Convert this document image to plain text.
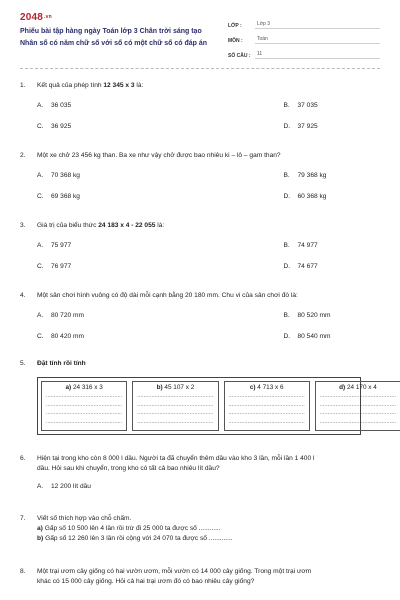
$2048^{.vn}$
Phiếu bài tập hàng ngày Toán lớp 3 Chân trời sáng tạo
Nhân số có năm chữ số với số có một chữ số có đáp án
LỚP :	Lớp 3
MÔN :	Toán
SỐ CÂU :	11
1.	Kết quả của phép tính 12 345 x 3 là:
A.	36 035	B.	37 035
C.	36 925	D.	37 925
2.	Một xe chở 23 456 kg than. Ba xe như vậy chở được bao nhiêu ki – lô – gam than?
A.	70 368 kg	B.	79 368 kg
C.	69 368 kg	D.	60 368 kg
3.	Giá trị của biểu thức 24 183 x 4 - 22 055 là:
A.	75 977	B.	74 977
C.	76 977	D.	74 677
4.	Một sân chơi hình vuông có độ dài mỗi cạnh bằng 20 180 mm. Chu vi của sân chơi đó là:
A.	80 720 mm	B.	80 520 mm
C.	80 420 mm	D.	80 540 mm
5.	Đặt tính rồi tính
a) 24 316 x 3
................................................
................................................
................................................
................................................
b) 45 107 x 2
................................................
................................................
................................................
................................................
c) 4 713 x 6
................................................
................................................
................................................
................................................
d) 24 170 x 4
................................................
................................................
................................................
................................................
6.	Hiện tại trong kho còn 8 000 l dầu. Người ta đã chuyển thêm dầu vào kho 3 lần, mỗi lần 1 400 l
dầu. Hỏi sau khi chuyển, trong kho có tất cả bao nhiêu lít dầu?
A.	12 200 lít dầu
7.	Viết số thích hợp vào chỗ chấm.
a) Gấp số 10 500 lên 4 lần rồi trừ đi 25 000 ta được số ............
b) Gấp số 12 260 lên 3 lần rồi cộng với 24 070 ta được số .............
8.	Một trại ươm cây giống có hai vườn ươm, mỗi vườn có 14 000 cây giống. Trong một trại ươm
khác có 15 000 cây giống. Hỏi cả hai trại ươm đó có bao nhiêu cây giống?
